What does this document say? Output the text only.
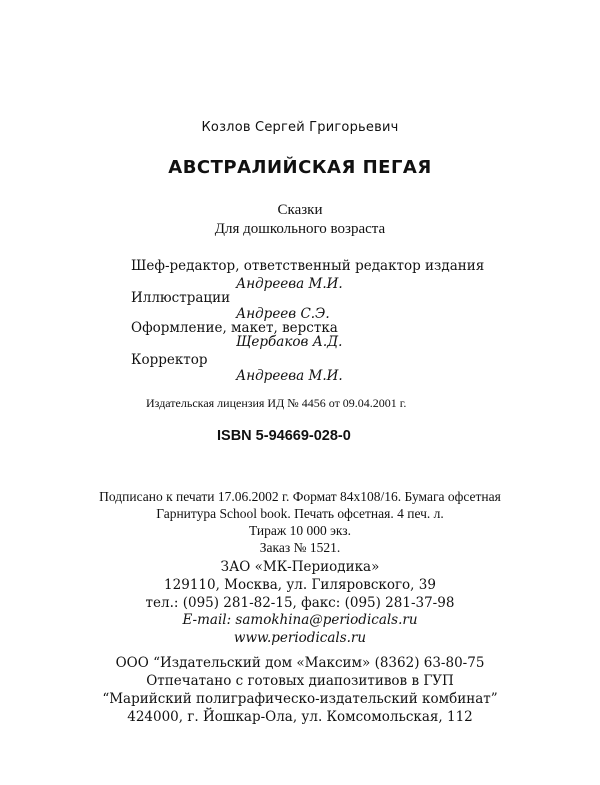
Козлов Сергей Григорьевич
АВСТРАЛИЙСКАЯ ПЕГАЯ
Сказки
Для дошкольного возраста
Шеф-редактор, ответственный редактор издания
Андреева М.И.
Иллюстрации
Андреев С.Э.
Оформление, макет, верстка
Щербаков А.Д.
Корректор
Андреева М.И.
Издательская лицензия ИД № 4456 от 09.04.2001 г.
ISBN 5-94669-028-0
Подписано к печати 17.06.2002 г. Формат 84x108/16. Бумага офсетная
Гарнитура School book. Печать офсетная. 4 печ. л.
Тираж 10 000 экз.
Заказ № 1521.
ЗАО «МК-Периодика»
129110, Москва, ул. Гиляровского, 39
тел.: (095) 281-82-15, факс: (095) 281-37-98
E-mail: samokhina@periodicals.ru
www.periodicals.ru
ООО “Издательский дом «Максим» (8362) 63-80-75
Отпечатано с готовых диапозитивов в ГУП
“Марийский полиграфическо-издательский комбинат”
424000, г. Йошкар-Ола, ул. Комсомольская, 112
